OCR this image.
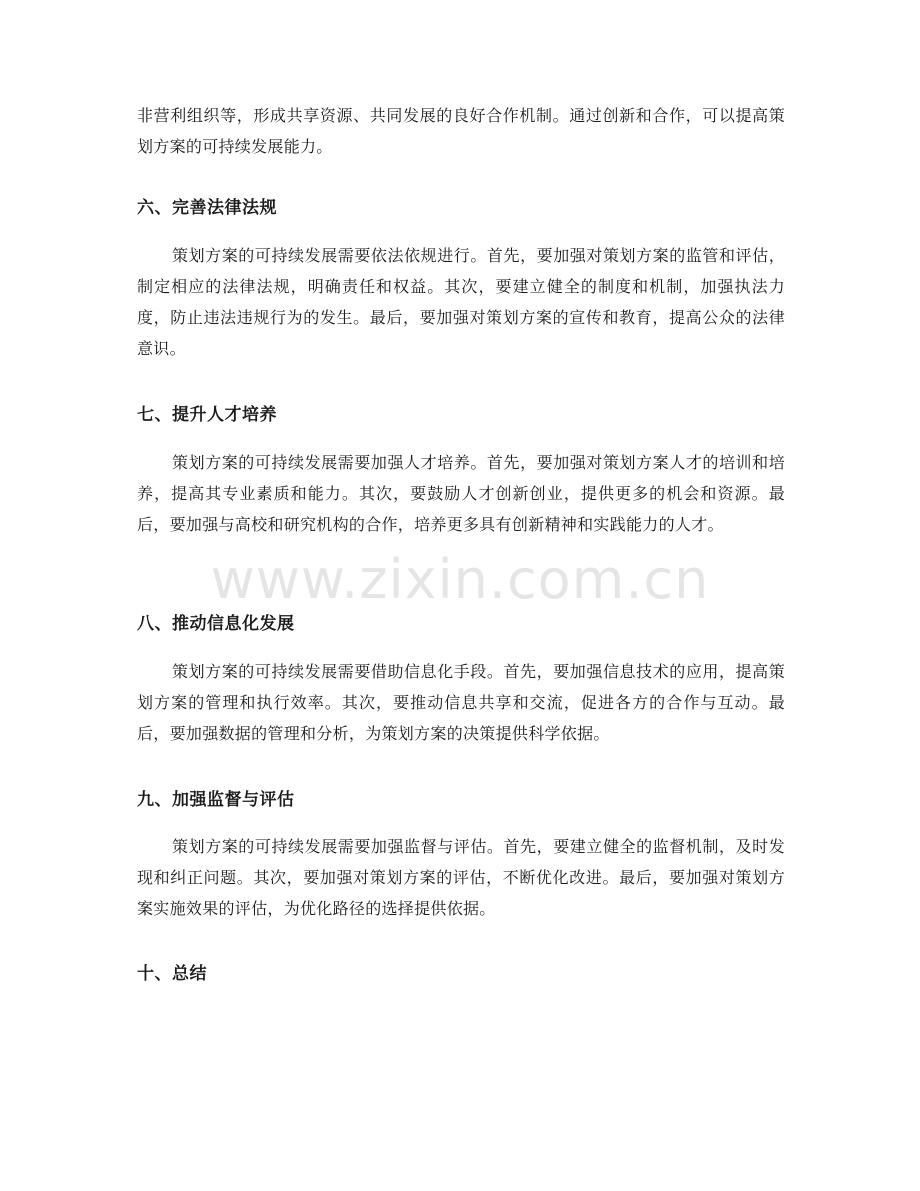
非营利组织等，形成共享资源、共同发展的良好合作机制。通过创新和合作，可以提高策划方案的可持续发展能力。

六、完善法律法规

策划方案的可持续发展需要依法依规进行。首先，要加强对策划方案的监管和评估，制定相应的法律法规，明确责任和权益。其次，要建立健全的制度和机制，加强执法力度，防止违法违规行为的发生。最后，要加强对策划方案的宣传和教育，提高公众的法律意识。

七、提升人才培养

策划方案的可持续发展需要加强人才培养。首先，要加强对策划方案人才的培训和培养，提高其专业素质和能力。其次，要鼓励人才创新创业，提供更多的机会和资源。最后，要加强与高校和研究机构的合作，培养更多具有创新精神和实践能力的人才。

八、推动信息化发展

策划方案的可持续发展需要借助信息化手段。首先，要加强信息技术的应用，提高策划方案的管理和执行效率。其次，要推动信息共享和交流，促进各方的合作与互动。最后，要加强数据的管理和分析，为策划方案的决策提供科学依据。

九、加强监督与评估

策划方案的可持续发展需要加强监督与评估。首先，要建立健全的监督机制，及时发现和纠正问题。其次，要加强对策划方案的评估，不断优化改进。最后，要加强对策划方案实施效果的评估，为优化路径的选择提供依据。

十、总结
www.zixin.com.cn
